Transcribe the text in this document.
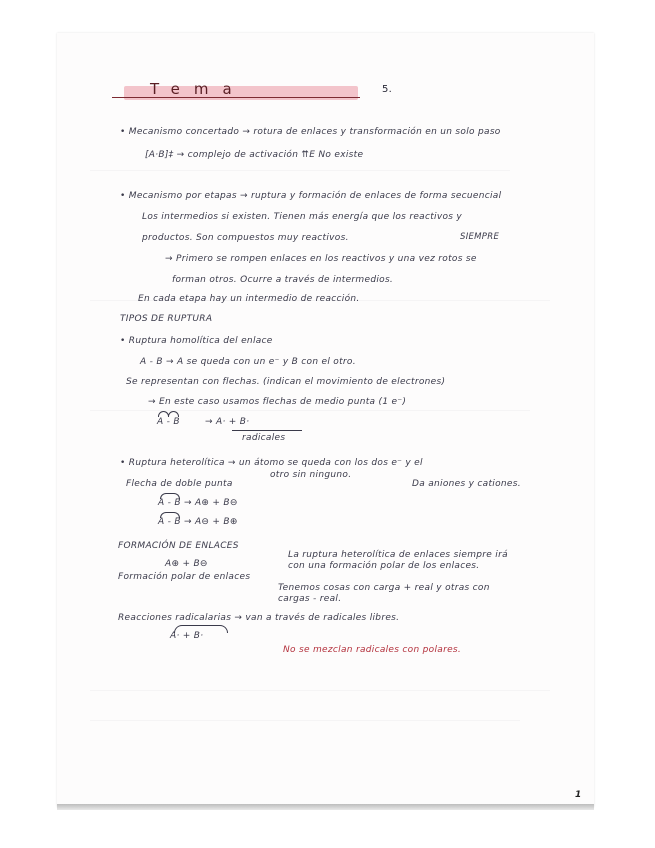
Tema	5.
• Mecanismo concertado → rotura de enlaces y transformación en un solo paso
[A·B]‡ → complejo de activación ⇈E No existe
• Mecanismo por etapas → ruptura y formación de enlaces de forma secuencial
Los intermedios si existen. Tienen más energía que los reactivos y
productos. Son compuestos muy reactivos.	SIEMPRE
→ Primero se rompen enlaces en los reactivos y una vez rotos se
forman otros. Ocurre a través de intermedios.
En cada etapa hay un intermedio de reacción.
TIPOS DE RUPTURA
• Ruptura homolítica del enlace
A - B → A se queda con un e⁻ y B con el otro.
Se representan con flechas. (indican el movimiento de electrones)
→ En este caso usamos flechas de medio punta (1 e⁻)
A - B	→ A· + B·
radicales
• Ruptura heterolítica → un átomo se queda con los dos e⁻ y el
otro sin ninguno.
Flecha de doble punta	Da aniones y cationes.
A - B → A⊕ + B⊖
A - B → A⊖ + B⊕
FORMACIÓN DE ENLACES
A⊕ + B⊖
La ruptura heterolítica de enlaces siempre irá
con una formación polar de los enlaces.
Formación polar de enlaces
Tenemos cosas con carga + real y otras con
cargas - real.
Reacciones radicalarias → van a través de radicales libres.
A· + B·
No se mezclan radicales con polares.
1
